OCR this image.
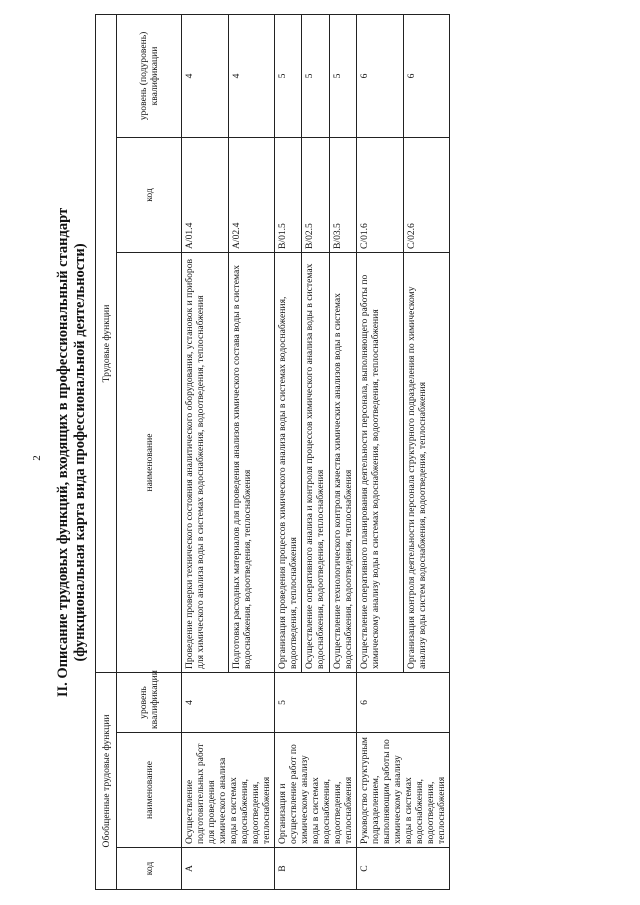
2 II. Описание трудовых функций, входящих в профессиональный стандарт (функциональная карта вида профессиональной деятельности)
Обобщенные трудовые функции			Трудовые функции		
код	наименование	уровень квалификации	наименование	код	уровень (подуровень) квалификации
A	Осуществление подготовительных работ для проведения химического анализа воды в системах водоснабжения, водоотведения, теплоснабжения	4	Проведение проверки технического состояния аналитического оборудования, установок и приборов для химического анализа воды в системах водоснабжения, водоотведения, теплоснабжения	A/01.4	4
			Подготовка расходных материалов для проведения анализов химического состава воды в системах водоснабжения, водоотведения, теплоснабжения	A/02.4	4
B	Организация и осуществление работ по химическому анализу воды в системах водоснабжения, водоотведения, теплоснабжения	5	Организация проведения процессов химического анализа воды в системах водоснабжения, водоотведения, теплоснабжения	B/01.5	5
			Осуществление оперативного анализа и контроля процессов химического анализа воды в системах водоснабжения, водоотведения, теплоснабжения	B/02.5	5
			Осуществление технологического контроля качества химических анализов воды в системах водоснабжения, водоотведения, теплоснабжения	B/03.5	5
C	Руководство структурным подразделением, выполняющим работы по химическому анализу воды в системах водоснабжения, водоотведения, теплоснабжения	6	Осуществление оперативного планирования деятельности персонала, выполняющего работы по химическому анализу воды в системах водоснабжения, водоотведения, теплоснабжения	C/01.6	6
			Организация контроля деятельности персонала структурного подразделения по химическому анализу воды систем водоснабжения, водоотведения, теплоснабжения	C/02.6	6
